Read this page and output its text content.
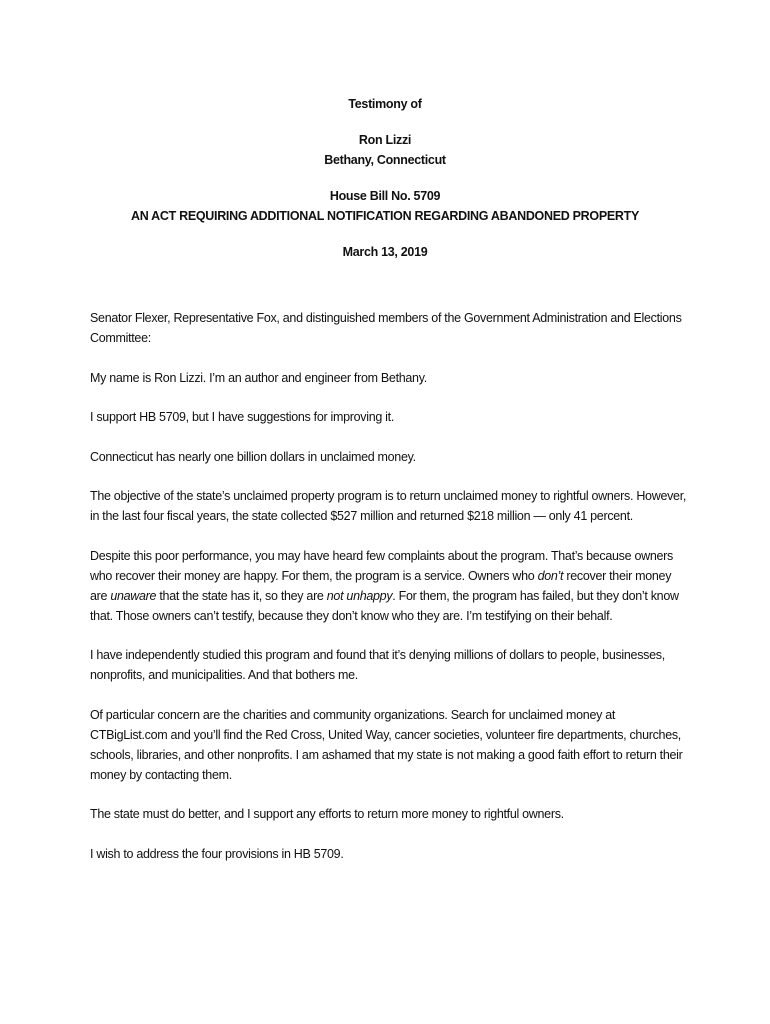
Testimony of
Ron Lizzi
Bethany, Connecticut
House Bill No. 5709
AN ACT REQUIRING ADDITIONAL NOTIFICATION REGARDING ABANDONED PROPERTY
March 13, 2019

Senator Flexer, Representative Fox, and distinguished members of the Government Administration and Elections Committee:

My name is Ron Lizzi. I’m an author and engineer from Bethany.

I support HB 5709, but I have suggestions for improving it.

Connecticut has nearly one billion dollars in unclaimed money.

The objective of the state’s unclaimed property program is to return unclaimed money to rightful owners. However, in the last four fiscal years, the state collected $527 million and returned $218 million — only 41 percent.

Despite this poor performance, you may have heard few complaints about the program. That’s because owners who recover their money are happy. For them, the program is a service. Owners who don’t recover their money are unaware that the state has it, so they are not unhappy. For them, the program has failed, but they don’t know that. Those owners can’t testify, because they don’t know who they are. I’m testifying on their behalf.

I have independently studied this program and found that it’s denying millions of dollars to people, businesses, nonprofits, and municipalities. And that bothers me.

Of particular concern are the charities and community organizations. Search for unclaimed money at CTBigList.com and you’ll find the Red Cross, United Way, cancer societies, volunteer fire departments, churches, schools, libraries, and other nonprofits. I am ashamed that my state is not making a good faith effort to return their money by contacting them.

The state must do better, and I support any efforts to return more money to rightful owners.

I wish to address the four provisions in HB 5709.
